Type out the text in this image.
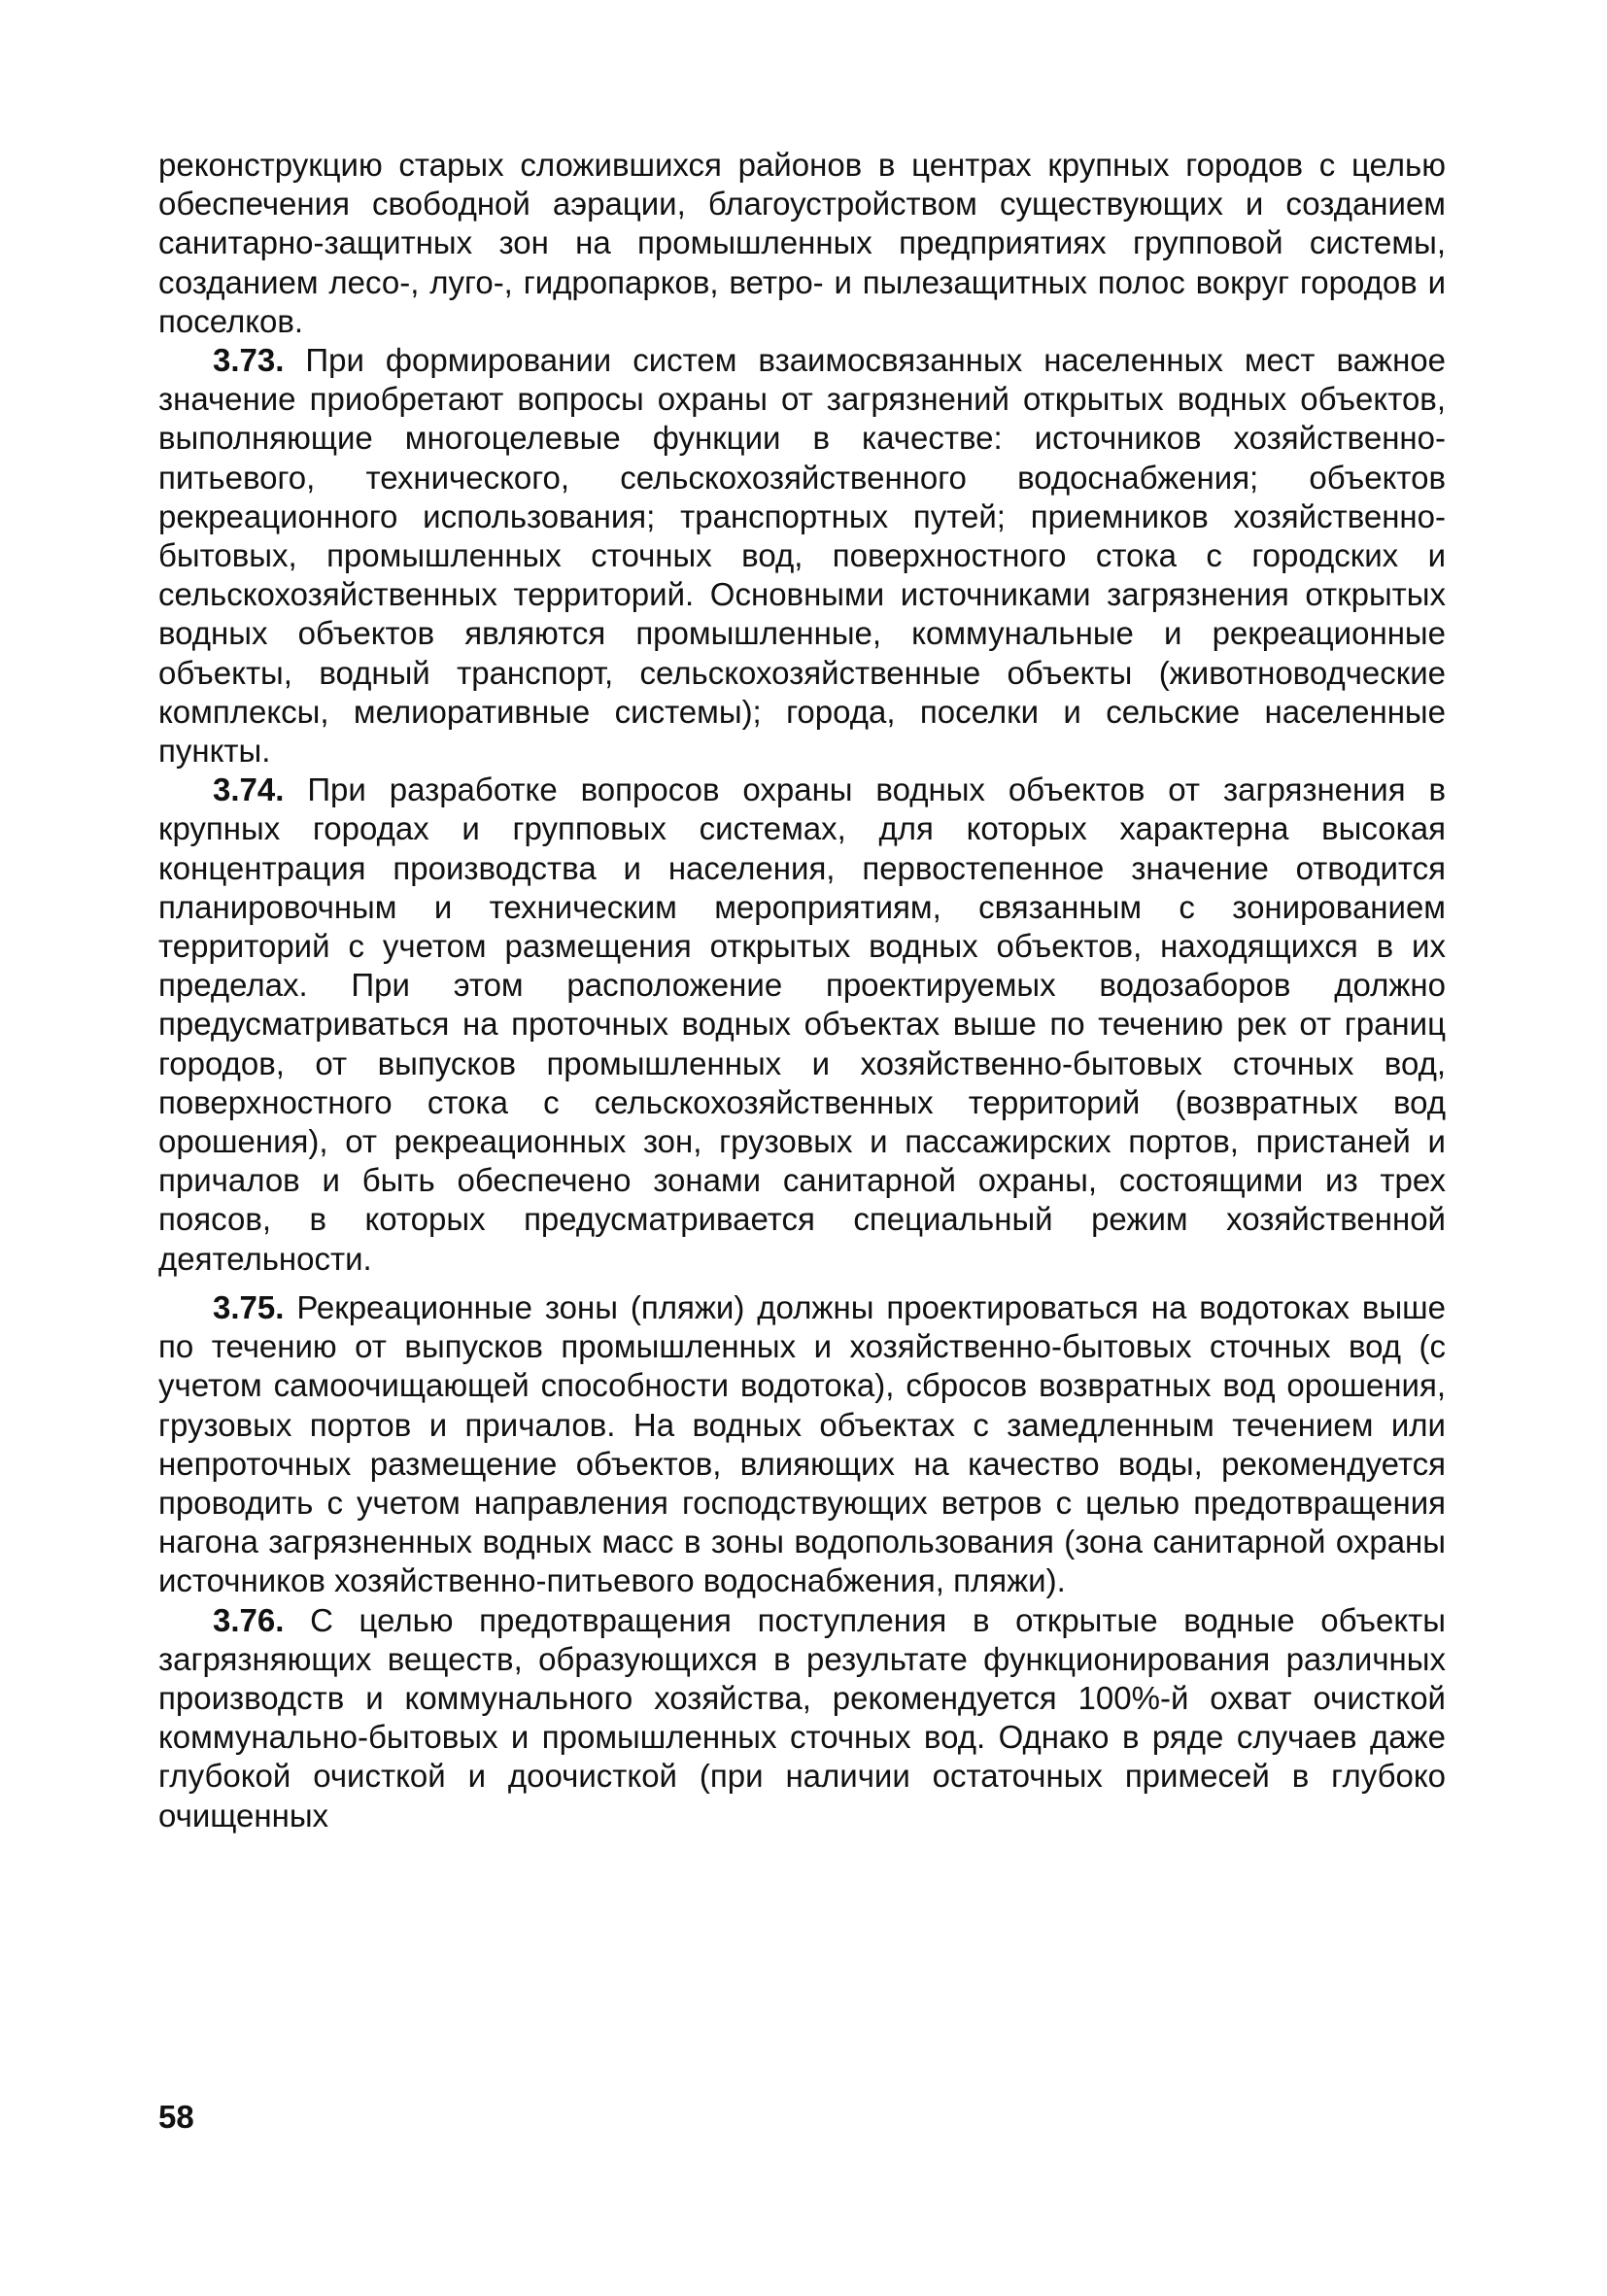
реконструкцию старых сложившихся районов в центрах крупных городов с целью обеспечения свободной аэрации, благоустройством существующих и созданием санитарно-защитных зон на промышленных предприятиях групповой системы, созданием лесо-, луго-, гидропарков, ветро- и пылезащитных полос вокруг городов и поселков.

3.73. При формировании систем взаимосвязанных населенных мест важное значение приобретают вопросы охраны от загрязнений открытых водных объектов, выполняющие многоцелевые функции в качестве: источников хозяйственно-питьевого, технического, сельскохозяйственного водоснабжения; объектов рекреационного использования; транспортных путей; приемников хозяйственно-бытовых, промышленных сточных вод, поверхностного стока с городских и сельскохозяйственных территорий. Основными источниками загрязнения открытых водных объектов являются промышленные, коммунальные и рекреационные объекты, водный транспорт, сельскохозяйственные объекты (животноводческие комплексы, мелиоративные системы); города, поселки и сельские населенные пункты.

3.74. При разработке вопросов охраны водных объектов от загрязнения в крупных городах и групповых системах, для которых характерна высокая концентрация производства и населения, первостепенное значение отводится планировочным и техническим мероприятиям, связанным с зонированием территорий с учетом размещения открытых водных объектов, находящихся в их пределах. При этом расположение проектируемых водозаборов должно предусматриваться на проточных водных объектах выше по течению рек от границ городов, от выпусков промышленных и хозяйственно-бытовых сточных вод, поверхностного стока с сельскохозяйственных территорий (возвратных вод орошения), от рекреационных зон, грузовых и пассажирских портов, пристаней и причалов и быть обеспечено зонами санитарной охраны, состоящими из трех поясов, в которых предусматривается специальный режим хозяйственной деятельности.

3.75. Рекреационные зоны (пляжи) должны проектироваться на водотоках выше по течению от выпусков промышленных и хозяйственно-бытовых сточных вод (с учетом самоочищающей способности водотока), сбросов возвратных вод орошения, грузовых портов и причалов. На водных объектах с замедленным течением или непроточных размещение объектов, влияющих на качество воды, рекомендуется проводить с учетом направления господствующих ветров с целью предотвращения нагона загрязненных водных масс в зоны водопользования (зона санитарной охраны источников хозяйственно-питьевого водоснабжения, пляжи).

3.76. С целью предотвращения поступления в открытые водные объекты загрязняющих веществ, образующихся в результате функционирования различных производств и коммунального хозяйства, рекомендуется 100%-й охват очисткой коммунально-бытовых и промышленных сточных вод. Однако в ряде случаев даже глубокой очисткой и доочисткой (при наличии остаточных примесей в глубоко очищенных

58
